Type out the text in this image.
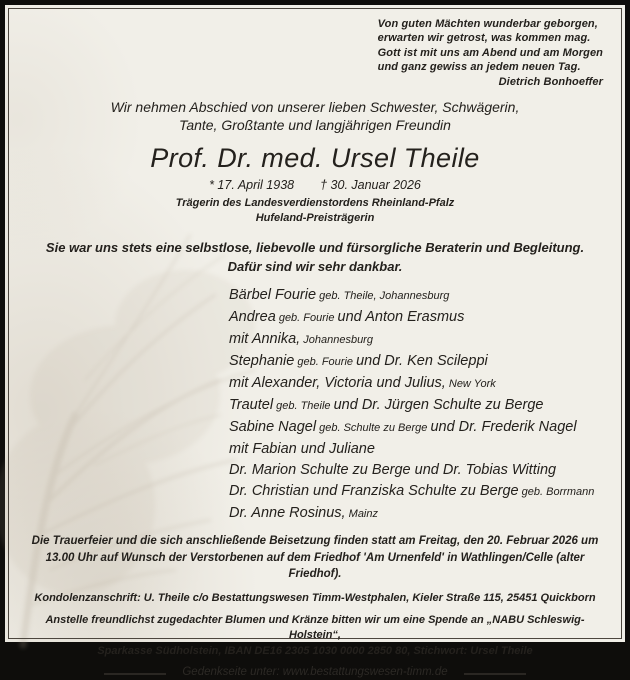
Von guten Mächten wunderbar geborgen,
erwarten wir getrost, was kommen mag.
Gott ist mit uns am Abend und am Morgen
und ganz gewiss an jedem neuen Tag.
Dietrich Bonhoeffer
Wir nehmen Abschied von unserer lieben Schwester, Schwägerin,
Tante, Großtante und langjährigen Freundin
Prof. Dr. med. Ursel Theile
* 17. April 1938 † 30. Januar 2026
Trägerin des Landesverdienstordens Rheinland-Pfalz
Hufeland-Preisträgerin
Sie war uns stets eine selbstlose, liebevolle und fürsorgliche Beraterin und Begleitung.
Dafür sind wir sehr dankbar.
Bärbel Fourie geb. Theile, Johannesburg
Andrea geb. Fourie und Anton Erasmus
mit Annika, Johannesburg
Stephanie geb. Fourie und Dr. Ken Scileppi
mit Alexander, Victoria und Julius, New York
Trautel geb. Theile und Dr. Jürgen Schulte zu Berge
Sabine Nagel geb. Schulte zu Berge und Dr. Frederik Nagel
mit Fabian und Juliane
Dr. Marion Schulte zu Berge und Dr. Tobias Witting
Dr. Christian und Franziska Schulte zu Berge geb. Borrmann
Dr. Anne Rosinus, Mainz
Die Trauerfeier und die sich anschließende Beisetzung finden statt am Freitag, den 20. Februar 2026 um
13.00 Uhr auf Wunsch der Verstorbenen auf dem Friedhof 'Am Urnenfeld' in Wathlingen/Celle (alter Friedhof).
Kondolenzanschrift: U. Theile c/o Bestattungswesen Timm-Westphalen, Kieler Straße 115, 25451 Quickborn
Anstelle freundlichst zugedachter Blumen und Kränze bitten wir um eine Spende an „NABU Schleswig-Holstein“,
Sparkasse Südholstein, IBAN DE16 2305 1030 0000 2850 80, Stichwort: Ursel Theile
Gedenkseite unter: www.bestattungswesen-timm.de
